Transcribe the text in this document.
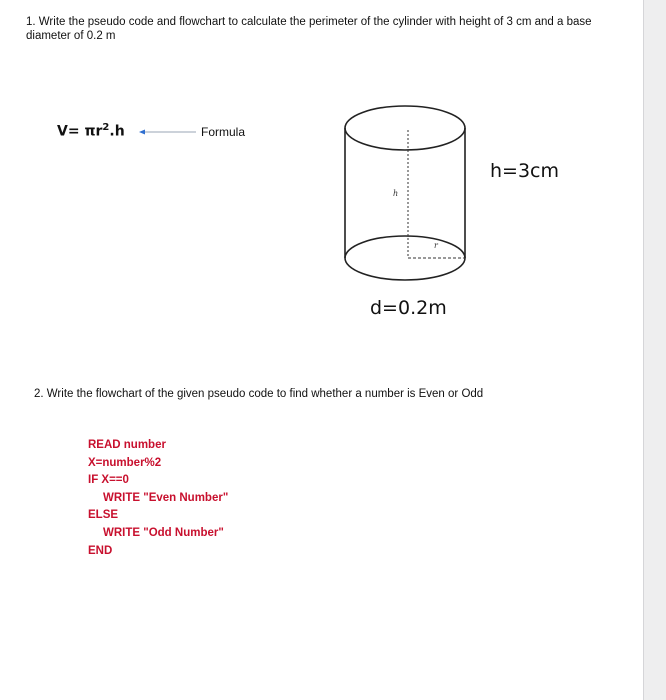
1. Write the pseudo code and flowchart to calculate the perimeter of the cylinder with height of 3 cm and a base diameter of 0.2 m
$V= \pi r^2.h$	Formula
h
r
h=3cm
d=0.2m
2. Write the flowchart of the given pseudo code to find whether a number is Even or Odd
READ number
X=number%2
IF X==0
WRITE "Even Number"
ELSE
WRITE "Odd Number"
END
